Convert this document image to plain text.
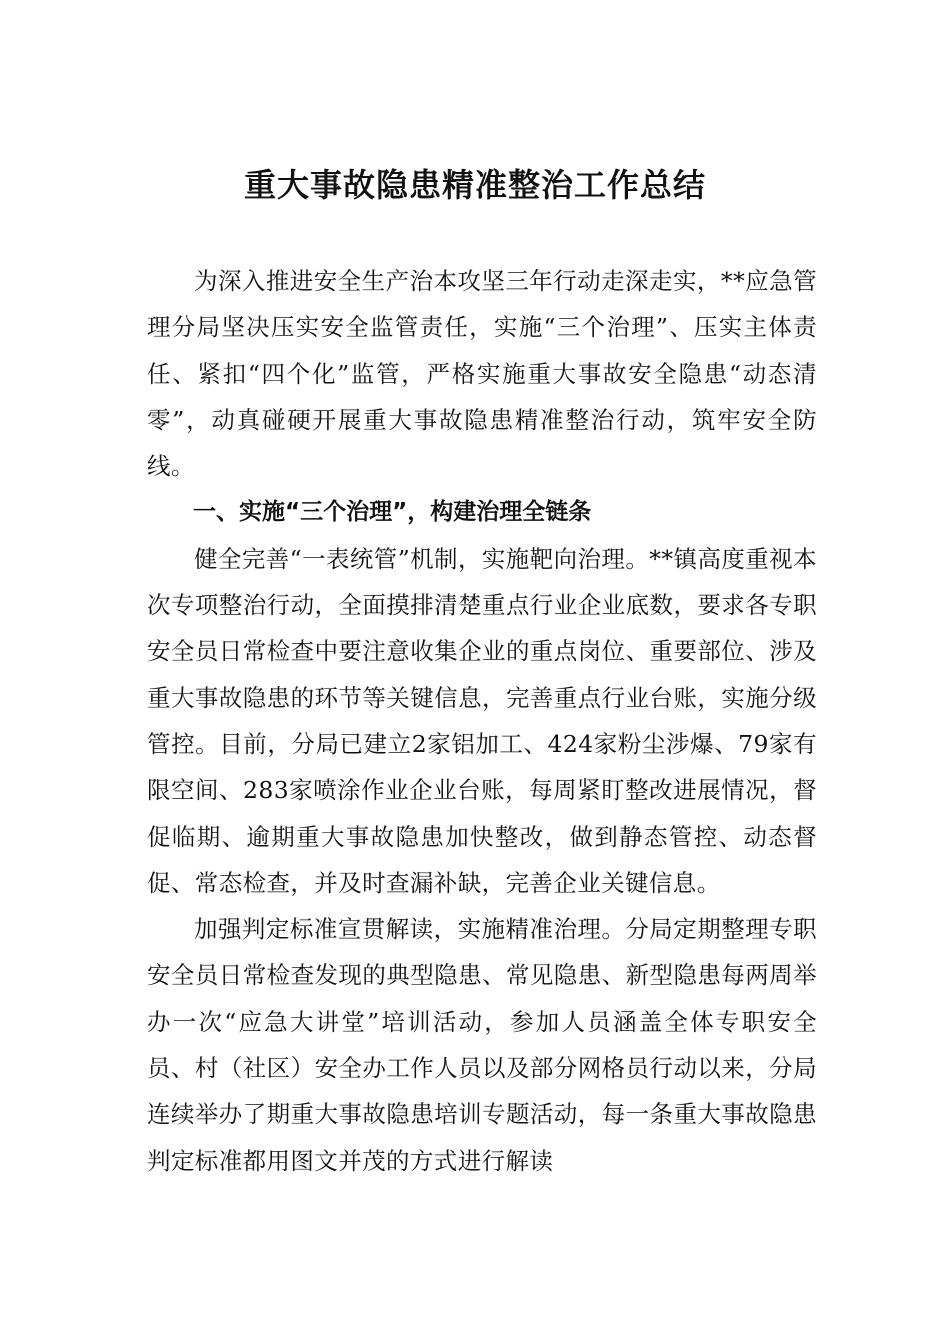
重大事故隐患精准整治工作总结

为深入推进安全生产治本攻坚三年行动走深走实，**应急管理分局坚决压实安全监管责任，实施“三个治理”、压实主体责任、紧扣“四个化”监管，严格实施重大事故安全隐患“动态清零”，动真碰硬开展重大事故隐患精准整治行动，筑牢安全防线。

一、实施“三个治理”，构建治理全链条

健全完善“一表统管”机制，实施靶向治理。**镇高度重视本次专项整治行动，全面摸排清楚重点行业企业底数，要求各专职安全员日常检查中要注意收集企业的重点岗位、重要部位、涉及重大事故隐患的环节等关键信息，完善重点行业台账，实施分级管控。目前，分局已建立2家铝加工、424家粉尘涉爆、79家有限空间、283家喷涂作业企业台账，每周紧盯整改进展情况，督促临期、逾期重大事故隐患加快整改，做到静态管控、动态督促、常态检查，并及时查漏补缺，完善企业关键信息。

加强判定标准宣贯解读，实施精准治理。分局定期整理专职安全员日常检查发现的典型隐患、常见隐患、新型隐患每两周举办一次“应急大讲堂”培训活动，参加人员涵盖全体专职安全员、村（社区）安全办工作人员以及部分网格员行动以来，分局连续举办了期重大事故隐患培训专题活动，每一条重大事故隐患判定标准都用图文并茂的方式进行解读
